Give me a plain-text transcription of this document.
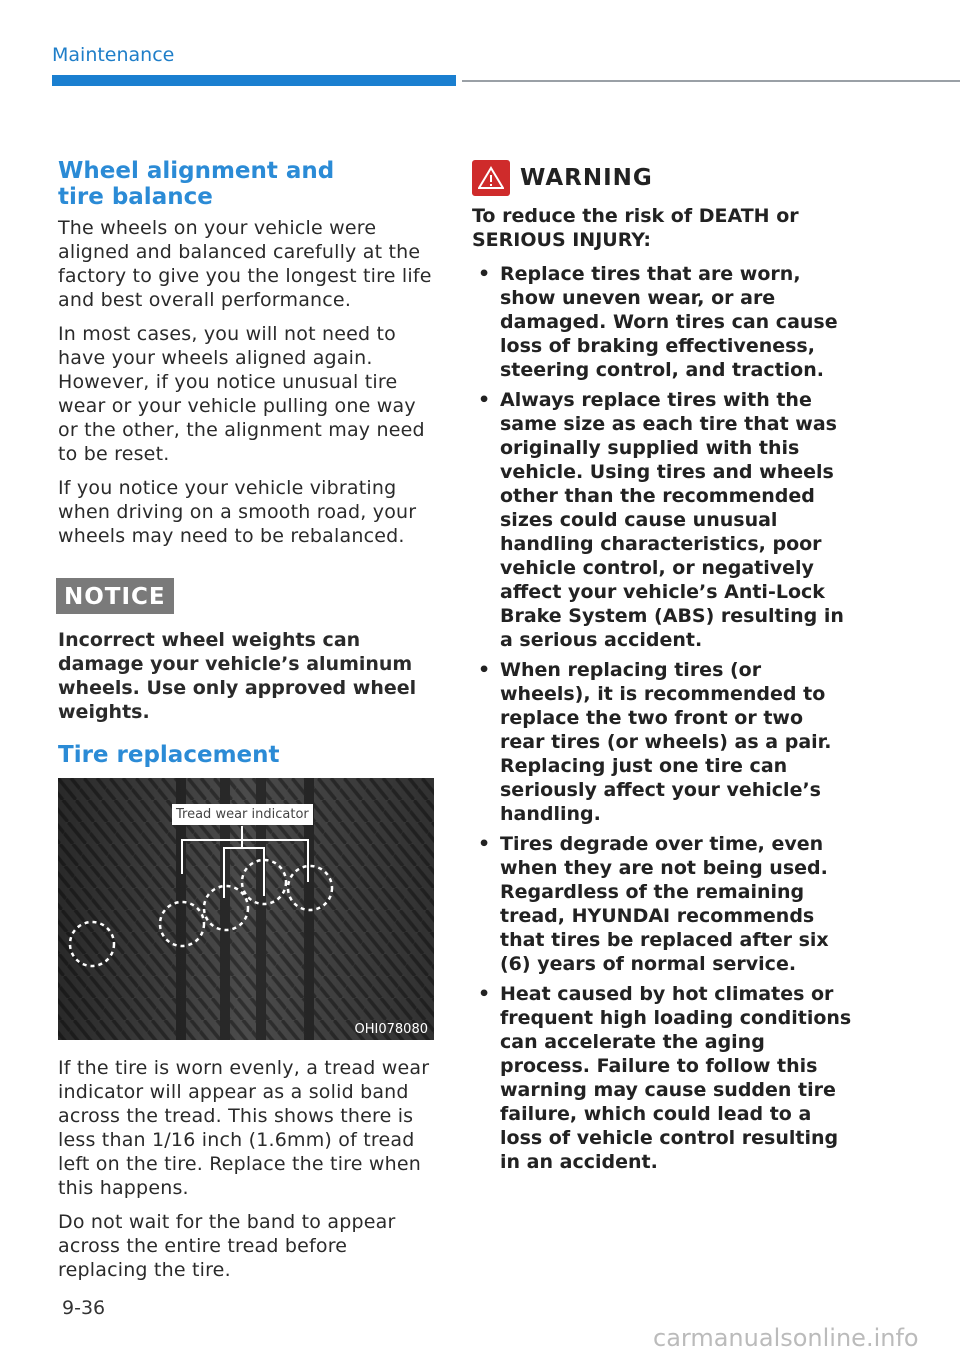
Maintenance
Wheel alignment and tire balance

The wheels on your vehicle were aligned and balanced carefully at the factory to give you the longest tire life and best overall performance.

In most cases, you will not need to have your wheels aligned again. However, if you notice unusual tire wear or your vehicle pulling one way or the other, the alignment may need to be reset.

If you notice your vehicle vibrating when driving on a smooth road, your wheels may need to be rebalanced.

NOTICE

Incorrect wheel weights can damage your vehicle’s aluminum wheels. Use only approved wheel weights.

Tire replacement
Tread wear indicator
OHI078080

If the tire is worn evenly, a tread wear indicator will appear as a solid band across the tread. This shows there is less than 1/16 inch (1.6mm) of tread left on the tire. Replace the tire when this happens.

Do not wait for the band to appear across the entire tread before replacing the tire.

WARNING

To reduce the risk of DEATH or SERIOUS INJURY:

• Replace tires that are worn, show uneven wear, or are damaged. Worn tires can cause loss of braking effectiveness, steering control, and traction.
• Always replace tires with the same size as each tire that was originally supplied with this vehicle. Using tires and wheels other than the recommended sizes could cause unusual handling characteristics, poor vehicle control, or negatively affect your vehicle’s Anti-Lock Brake System (ABS) resulting in a serious accident.
• When replacing tires (or wheels), it is recommended to replace the two front or two rear tires (or wheels) as a pair. Replacing just one tire can seriously affect your vehicle’s handling.
• Tires degrade over time, even when they are not being used. Regardless of the remaining tread, HYUNDAI recommends that tires be replaced after six (6) years of normal service.
• Heat caused by hot climates or frequent high loading conditions can accelerate the aging process. Failure to follow this warning may cause sudden tire failure, which could lead to a loss of vehicle control resulting in an accident.
9-36
carmanualsonline.info
